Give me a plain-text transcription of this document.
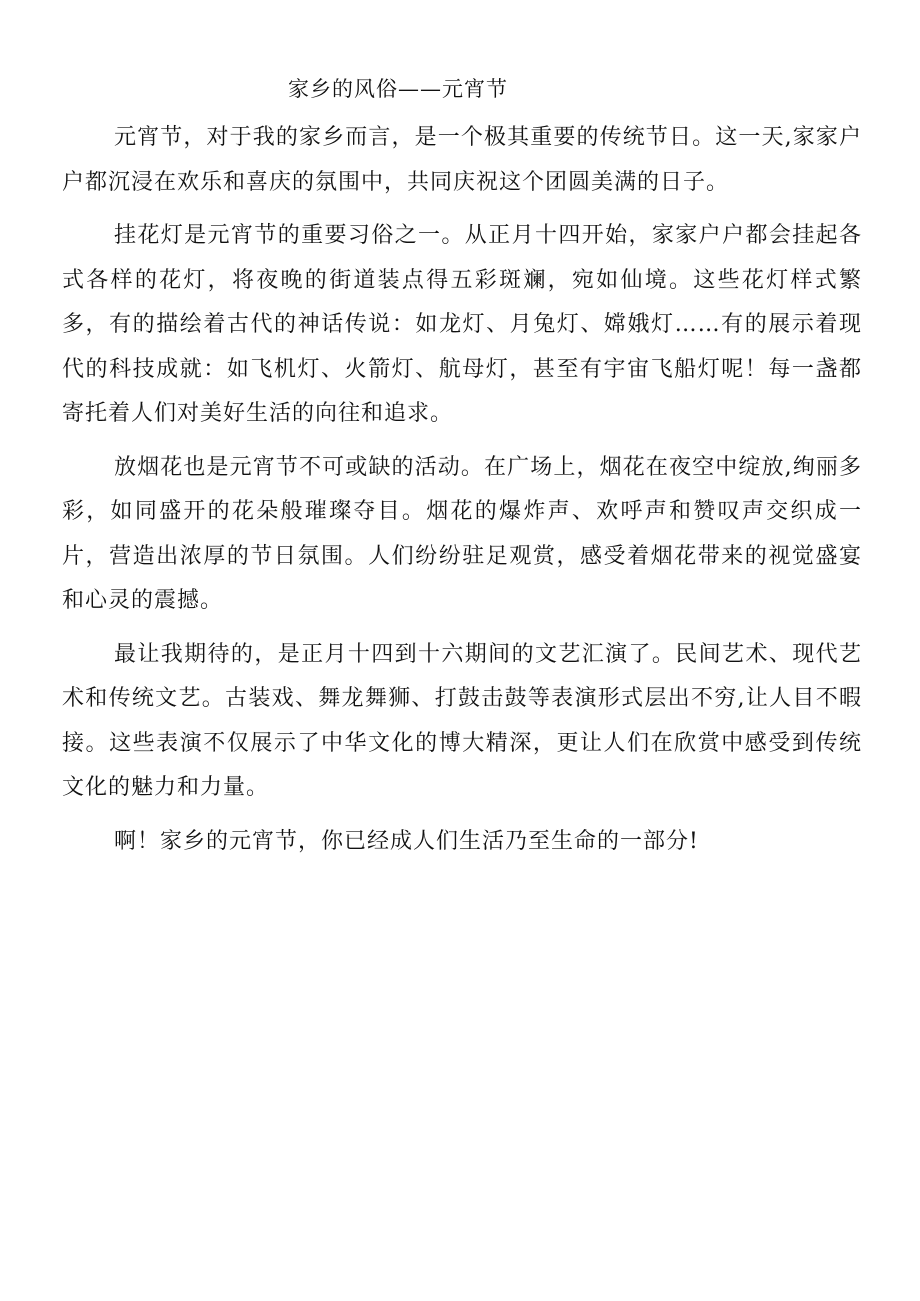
家乡的风俗——元宵节

元宵节，对于我的家乡而言，是一个极其重要的传统节日。这一天,家家户户都沉浸在欢乐和喜庆的氛围中，共同庆祝这个团圆美满的日子。

挂花灯是元宵节的重要习俗之一。从正月十四开始，家家户户都会挂起各式各样的花灯，将夜晚的街道装点得五彩斑斓，宛如仙境。这些花灯样式繁多，有的描绘着古代的神话传说：如龙灯、月兔灯、嫦娥灯……有的展示着现代的科技成就：如飞机灯、火箭灯、航母灯，甚至有宇宙飞船灯呢！每一盏都寄托着人们对美好生活的向往和追求。

放烟花也是元宵节不可或缺的活动。在广场上，烟花在夜空中绽放,绚丽多彩，如同盛开的花朵般璀璨夺目。烟花的爆炸声、欢呼声和赞叹声交织成一片，营造出浓厚的节日氛围。人们纷纷驻足观赏，感受着烟花带来的视觉盛宴和心灵的震撼。

最让我期待的，是正月十四到十六期间的文艺汇演了。民间艺术、现代艺术和传统文艺。古装戏、舞龙舞狮、打鼓击鼓等表演形式层出不穷,让人目不暇接。这些表演不仅展示了中华文化的博大精深，更让人们在欣赏中感受到传统文化的魅力和力量。

啊！家乡的元宵节，你已经成人们生活乃至生命的一部分!
